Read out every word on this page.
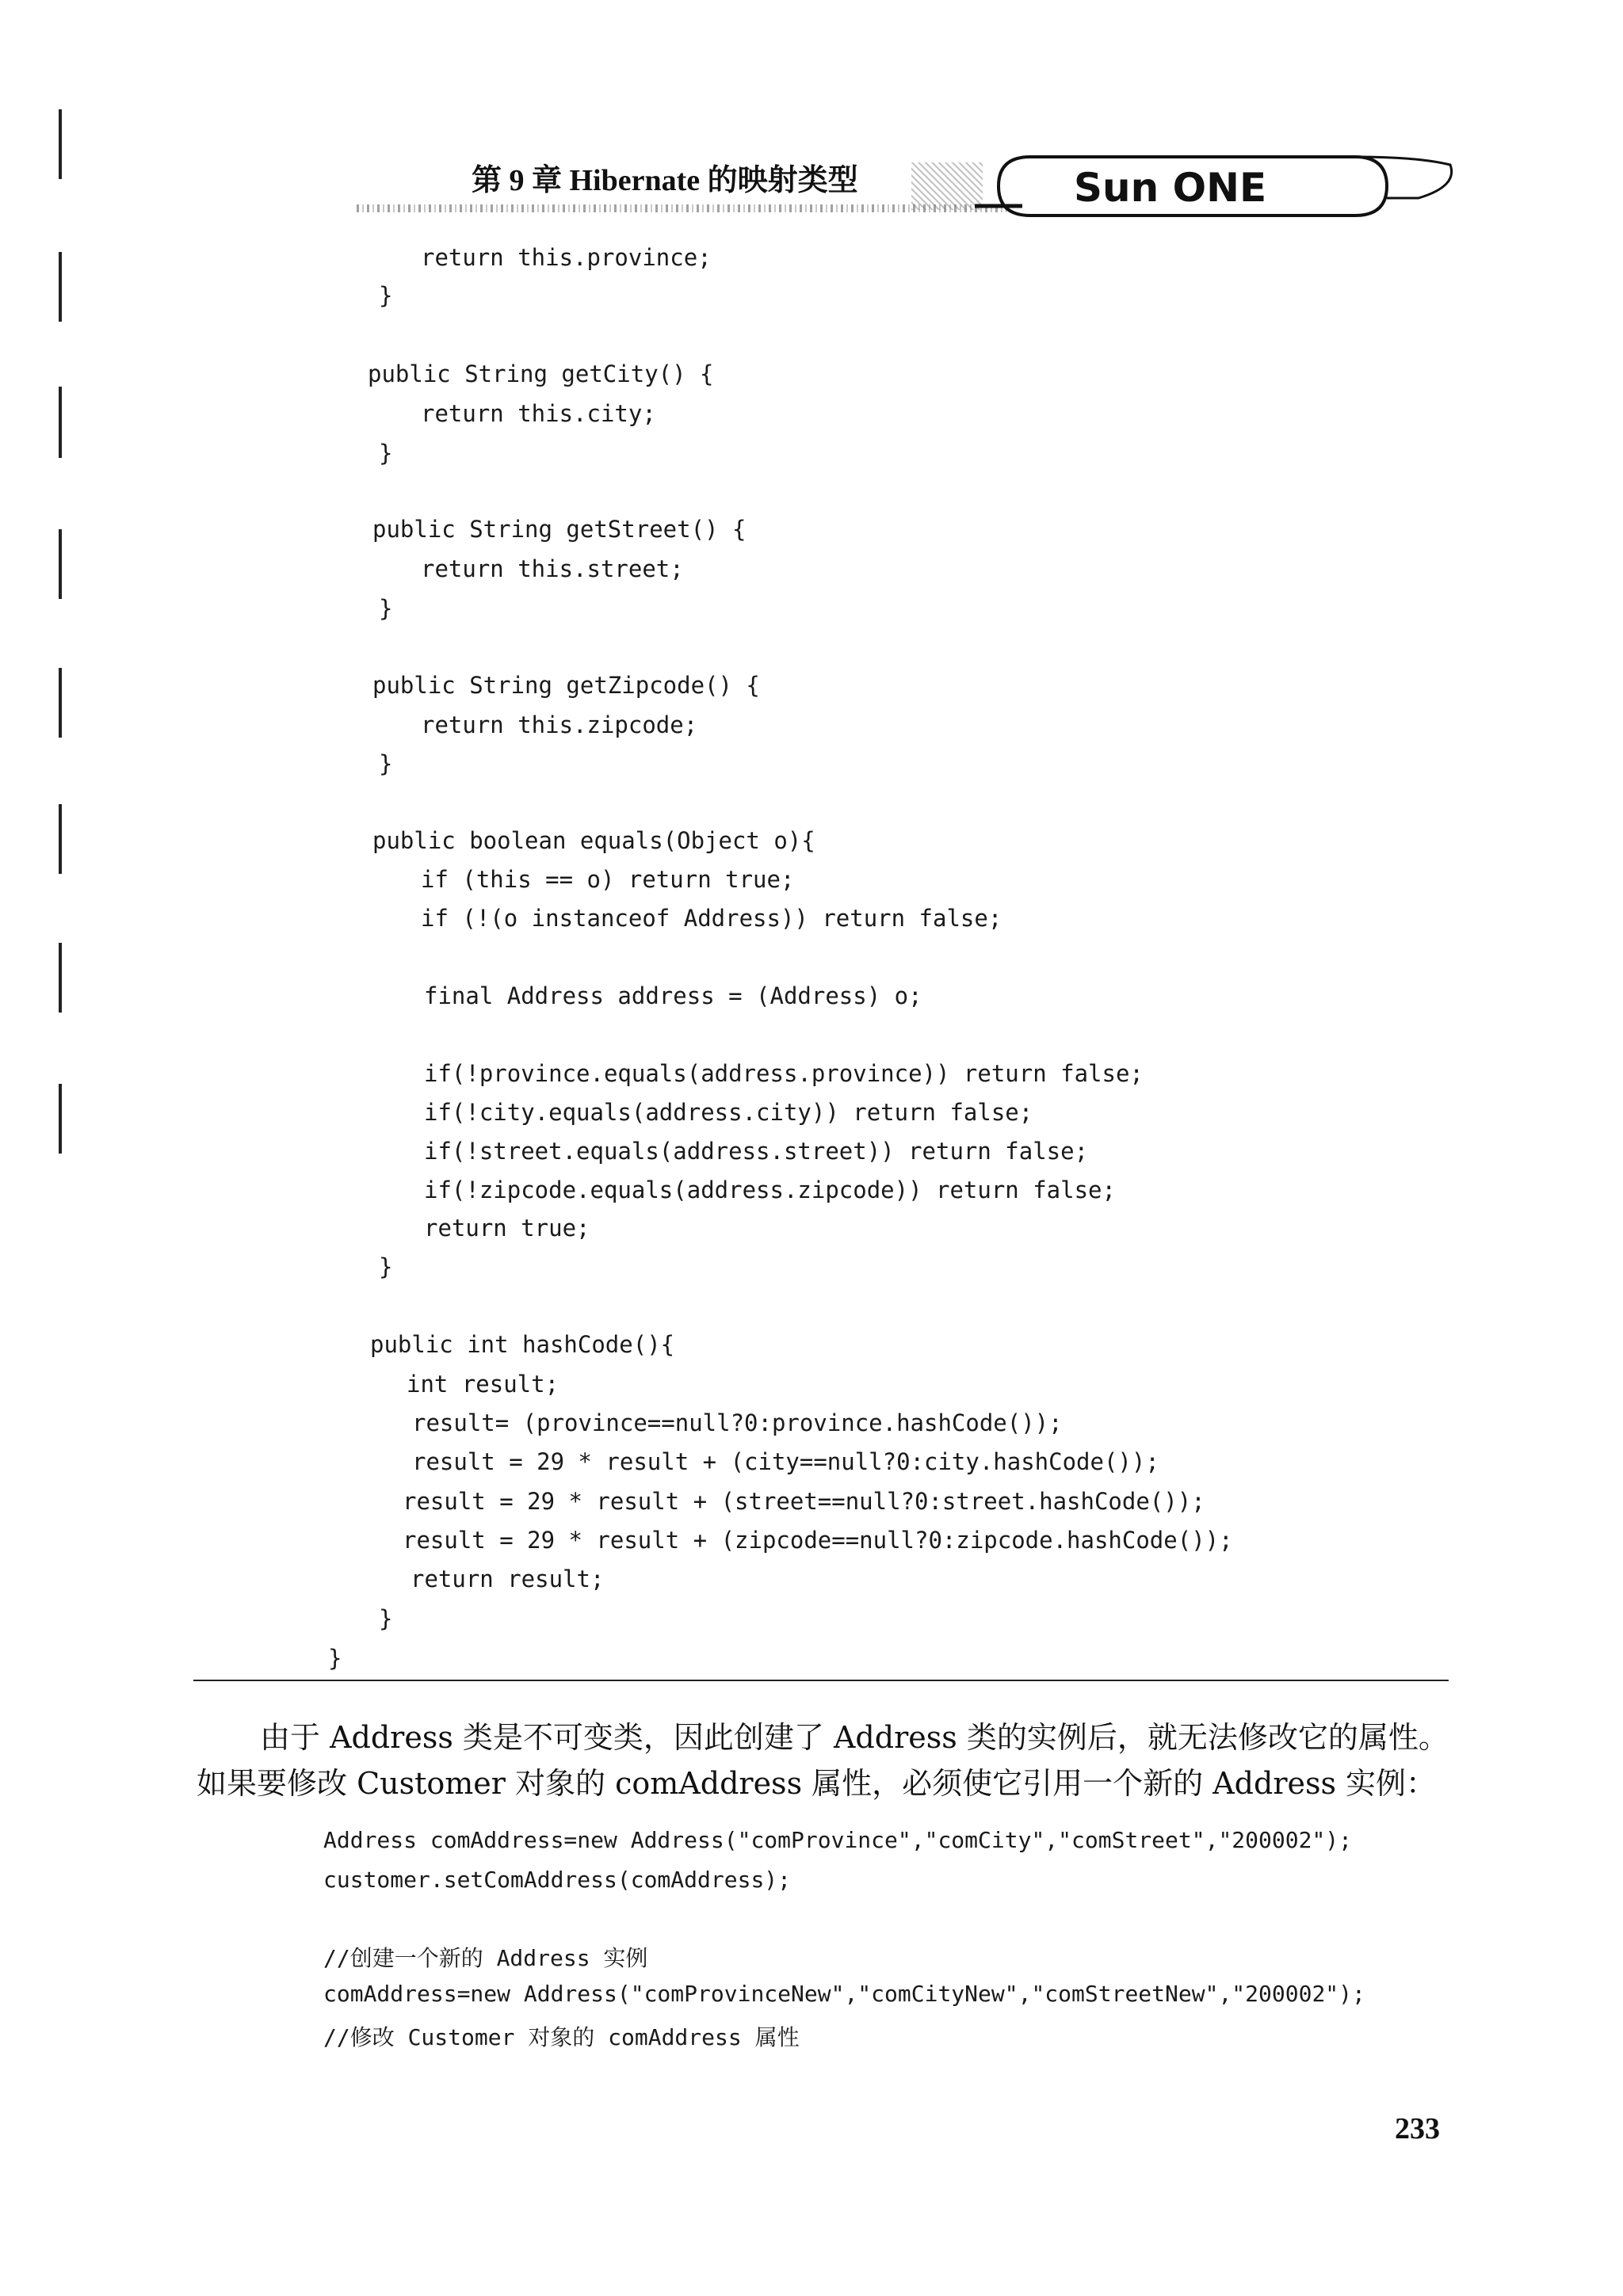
第 9 章 Hibernate 的映射类型	Sun ONE
return this.province;
}
public String getCity() {
return this.city;
}
public String getStreet() {
return this.street;
}
public String getZipcode() {
return this.zipcode;
}
public boolean equals(Object o){
if (this == o) return true;
if (!(o instanceof Address)) return false;
final Address address = (Address) o;
if(!province.equals(address.province)) return false;
if(!city.equals(address.city)) return false;
if(!street.equals(address.street)) return false;
if(!zipcode.equals(address.zipcode)) return false;
return true;
}
public int hashCode(){
int result;
result= (province==null?0:province.hashCode());
result = 29 * result + (city==null?0:city.hashCode());
result = 29 * result + (street==null?0:street.hashCode());
result = 29 * result + (zipcode==null?0:zipcode.hashCode());
return result;
}
}
由于 Address 类是不可变类，因此创建了 Address 类的实例后，就无法修改它的属性。
如果要修改 Customer 对象的 comAddress 属性，必须使它引用一个新的 Address 实例：
Address comAddress=new Address("comProvince","comCity","comStreet","200002");
customer.setComAddress(comAddress);
//创建一个新的 Address 实例
comAddress=new Address("comProvinceNew","comCityNew","comStreetNew","200002");
//修改 Customer 对象的 comAddress 属性
233
